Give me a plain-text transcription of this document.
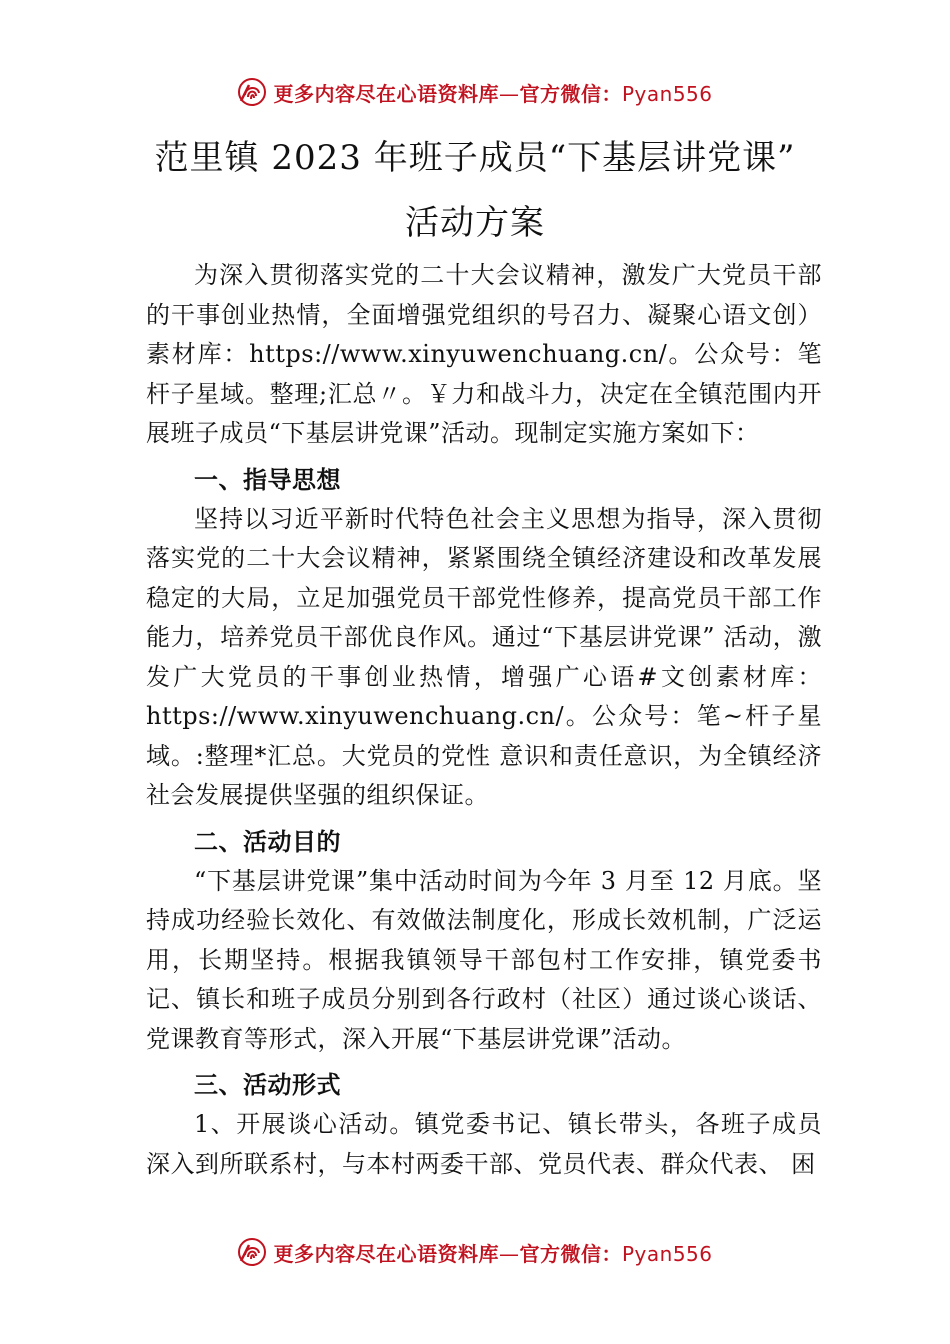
更多内容尽在心语资料库—官方微信：Pyan556
范里镇 2023 年班子成员“下基层讲党课”
活动方案

为深入贯彻落实党的二十大会议精神，激发广大党员干部的干事创业热情，全面增强党组织的号召力、凝聚心语文创）素材库：https://www.xinyuwenchuang.cn/。公众号：笔杆子星域。整理;汇总〃。￥力和战斗力，决定在全镇范围内开展班子成员“下基层讲党课”活动。现制定实施方案如下：

一、指导思想

坚持以习近平新时代特色社会主义思想为指导，深入贯彻落实党的二十大会议精神，紧紧围绕全镇经济建设和改革发展稳定的大局，立足加强党员干部党性修养，提高党员干部工作能力，培养党员干部优良作风。通过“下基层讲党课” 活动，激发广大党员的干事创业热情，增强广心语#文创素材库：https://www.xinyuwenchuang.cn/。公众号：笔~杆子星域。:整理*汇总。大党员的党性 意识和责任意识，为全镇经济社会发展提供坚强的组织保证。

二、活动目的

“下基层讲党课”集中活动时间为今年 3 月至 12 月底。坚持成功经验长效化、有效做法制度化，形成长效机制，广泛运用，长期坚持。根据我镇领导干部包村工作安排，镇党委书记、镇长和班子成员分别到各行政村（社区）通过谈心谈话、党课教育等形式，深入开展“下基层讲党课”活动。

三、活动形式

1、开展谈心活动。镇党委书记、镇长带头，各班子成员深入到所联系村，与本村两委干部、党员代表、群众代表、 困

更多内容尽在心语资料库—官方微信：Pyan556
